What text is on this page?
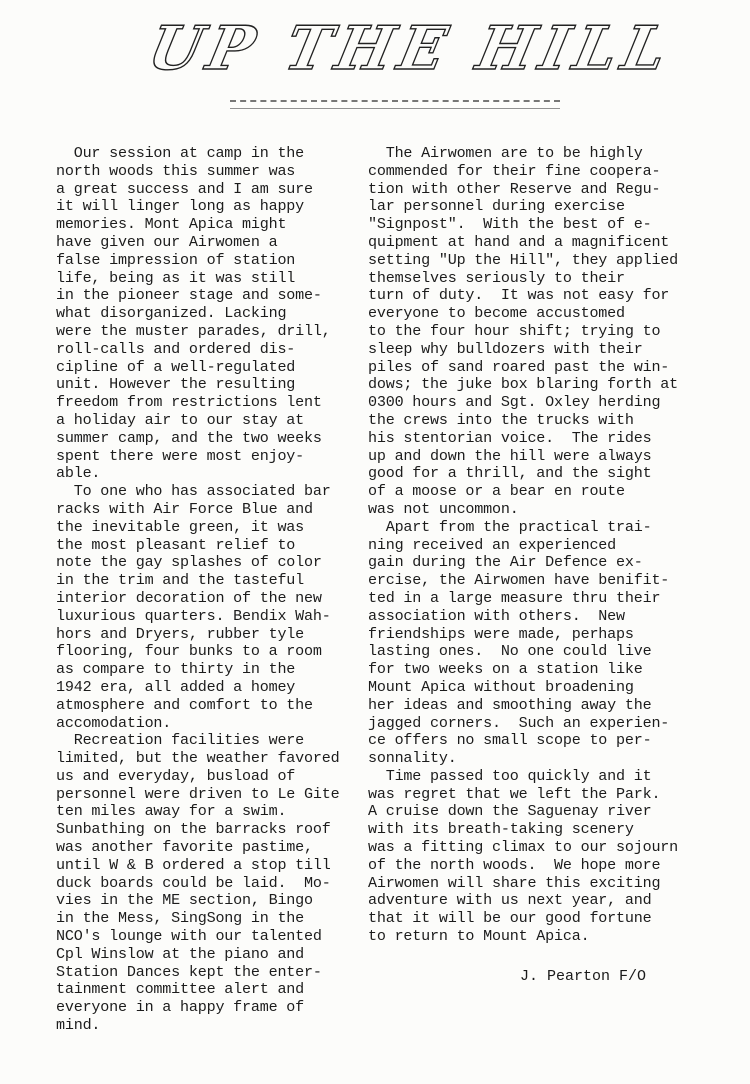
UP THE HILL
Our session at camp in the
north woods this summer was
a great success and I am sure
it will linger long as happy
memories. Mont Apica might
have given our Airwomen a
false impression of station
life, being as it was still
in the pioneer stage and some-
what disorganized. Lacking
were the muster parades, drill,
roll-calls and ordered dis-
cipline of a well-regulated
unit. However the resulting
freedom from restrictions lent
a holiday air to our stay at
summer camp, and the two weeks
spent there were most enjoy-
able.
To one who has associated bar
racks with Air Force Blue and
the inevitable green, it was
the most pleasant relief to
note the gay splashes of color
in the trim and the tasteful
interior decoration of the new
luxurious quarters. Bendix Wah-
hors and Dryers, rubber tyle
flooring, four bunks to a room
as compare to thirty in the
1942 era, all added a homey
atmosphere and comfort to the
accomodation.
Recreation facilities were
limited, but the weather favored
us and everyday, busload of
personnel were driven to Le Gite
ten miles away for a swim.
Sunbathing on the barracks roof
was another favorite pastime,
until W & B ordered a stop till
duck boards could be laid.  Mo-
vies in the ME section, Bingo
in the Mess, SingSong in the
NCO's lounge with our talented
Cpl Winslow at the piano and
Station Dances kept the enter-
tainment committee alert and
everyone in a happy frame of
mind.
The Airwomen are to be highly
commended for their fine coopera-
tion with other Reserve and Regu-
lar personnel during exercise
"Signpost".  With the best of e-
quipment at hand and a magnificent
setting "Up the Hill", they applied
themselves seriously to their
turn of duty.  It was not easy for
everyone to become accustomed
to the four hour shift; trying to
sleep why bulldozers with their
piles of sand roared past the win-
dows; the juke box blaring forth at
0300 hours and Sgt. Oxley herding
the crews into the trucks with
his stentorian voice.  The rides
up and down the hill were always
good for a thrill, and the sight
of a moose or a bear en route
was not uncommon.
Apart from the practical trai-
ning received an experienced
gain during the Air Defence ex-
ercise, the Airwomen have benifit-
ted in a large measure thru their
association with others.  New
friendships were made, perhaps
lasting ones.  No one could live
for two weeks on a station like
Mount Apica without broadening
her ideas and smoothing away the
jagged corners.  Such an experien-
ce offers no small scope to per-
sonnality.
Time passed too quickly and it
was regret that we left the Park.
A cruise down the Saguenay river
with its breath-taking scenery
was a fitting climax to our sojourn
of the north woods.  We hope more
Airwomen will share this exciting
adventure with us next year, and
that it will be our good fortune
to return to Mount Apica.
J. Pearton F/O
